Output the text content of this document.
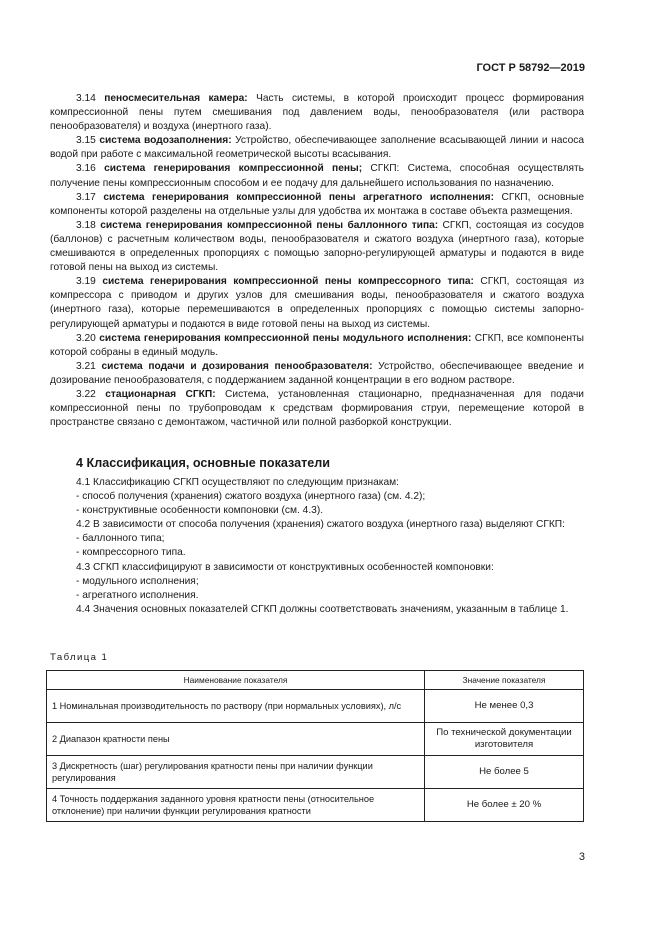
ГОСТ Р 58792—2019

3.14 пеносмесительная камера: Часть системы, в которой происходит процесс формирования компрессионной пены путем смешивания под давлением воды, пенообразователя (или раствора пенообразователя) и воздуха (инертного газа).

3.15 система водозаполнения: Устройство, обеспечивающее заполнение всасывающей линии и насоса водой при работе с максимальной геометрической высоты всасывания.

3.16 система генерирования компрессионной пены; СГКП: Система, способная осуществлять получение пены компрессионным способом и ее подачу для дальнейшего использования по назначению.

3.17 система генерирования компрессионной пены агрегатного исполнения: СГКП, основные компоненты которой разделены на отдельные узлы для удобства их монтажа в составе объекта размещения.

3.18 система генерирования компрессионной пены баллонного типа: СГКП, состоящая из сосудов (баллонов) с расчетным количеством воды, пенообразователя и сжатого воздуха (инертного газа), которые смешиваются в определенных пропорциях с помощью запорно-регулирующей арматуры и подаются в виде готовой пены на выход из системы.

3.19 система генерирования компрессионной пены компрессорного типа: СГКП, состоящая из компрессора с приводом и других узлов для смешивания воды, пенообразователя и сжатого воздуха (инертного газа), которые перемешиваются в определенных пропорциях с помощью системы запорно-регулирующей арматуры и подаются в виде готовой пены на выход из системы.

3.20 система генерирования компрессионной пены модульного исполнения: СГКП, все компоненты которой собраны в единый модуль.

3.21 система подачи и дозирования пенообразователя: Устройство, обеспечивающее введение и дозирование пенообразователя, с поддержанием заданной концентрации в его водном растворе.

3.22 стационарная СГКП: Система, установленная стационарно, предназначенная для подачи компрессионной пены по трубопроводам к средствам формирования струи, перемещение которой в пространстве связано с демонтажом, частичной или полной разборкой конструкции.

4 Классификация, основные показатели

4.1 Классификацию СГКП осуществляют по следующим признакам:

- способ получения (хранения) сжатого воздуха (инертного газа) (см. 4.2);

- конструктивные особенности компоновки (см. 4.3).

4.2 В зависимости от способа получения (хранения) сжатого воздуха (инертного газа) выделяют СГКП:

- баллонного типа;

- компрессорного типа.

4.3 СГКП классифицируют в зависимости от конструктивных особенностей компоновки:

- модульного исполнения;

- агрегатного исполнения.

4.4 Значения основных показателей СГКП должны соответствовать значениям, указанным в таблице 1.

Таблица 1
Наименование показателя	Значение показателя
1 Номинальная производительность по раствору (при нормальных условиях), л/с	Не менее 0,3
2 Диапазон кратности пены	По технической документации изготовителя
3 Дискретность (шаг) регулирования кратности пены при наличии функции регулирования	Не более 5
4 Точность поддержания заданного уровня кратности пены (относительное отклонение) при наличии функции регулирования кратности	Не более ± 20 %
3
